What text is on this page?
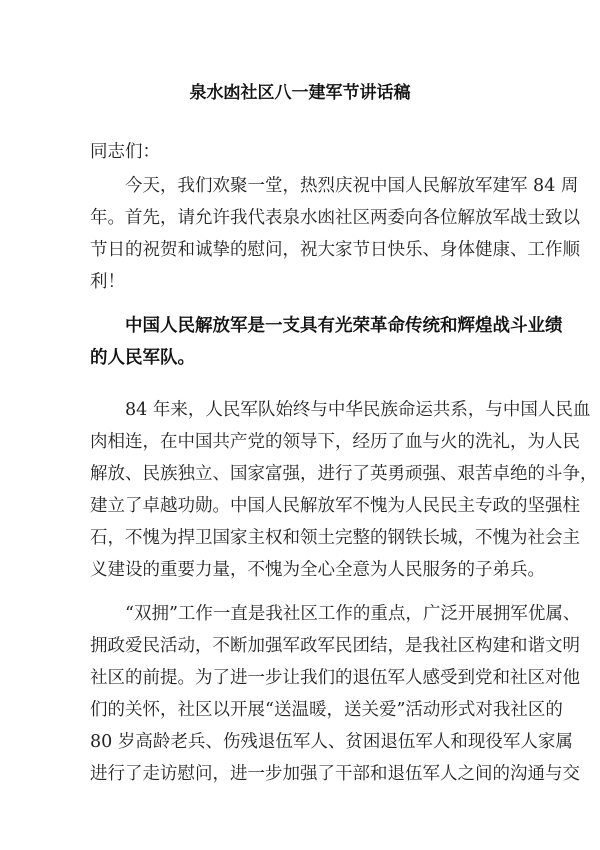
泉水凼社区八一建军节讲话稿
同志们：
　　今天，我们欢聚一堂，热烈庆祝中国人民解放军建军 84 周
年。首先，请允许我代表泉水凼社区两委向各位解放军战士致以
节日的祝贺和诚挚的慰问，祝大家节日快乐、身体健康、工作顺
利！
　　中国人民解放军是一支具有光荣革命传统和辉煌战斗业绩
的人民军队。
　　84 年来，人民军队始终与中华民族命运共系，与中国人民血
肉相连，在中国共产党的领导下，经历了血与火的洗礼，为人民
解放、民族独立、国家富强，进行了英勇顽强、艰苦卓绝的斗争，
建立了卓越功勋。中国人民解放军不愧为人民民主专政的坚强柱
石，不愧为捍卫国家主权和领土完整的钢铁长城，不愧为社会主
义建设的重要力量，不愧为全心全意为人民服务的子弟兵。
　　“双拥”工作一直是我社区工作的重点，广泛开展拥军优属、
拥政爱民活动，不断加强军政军民团结，是我社区构建和谐文明
社区的前提。为了进一步让我们的退伍军人感受到党和社区对他
们的关怀，社区以开展“送温暖，送关爱”活动形式对我社区的
80 岁高龄老兵、伤残退伍军人、贫困退伍军人和现役军人家属
进行了走访慰问，进一步加强了干部和退伍军人之间的沟通与交
